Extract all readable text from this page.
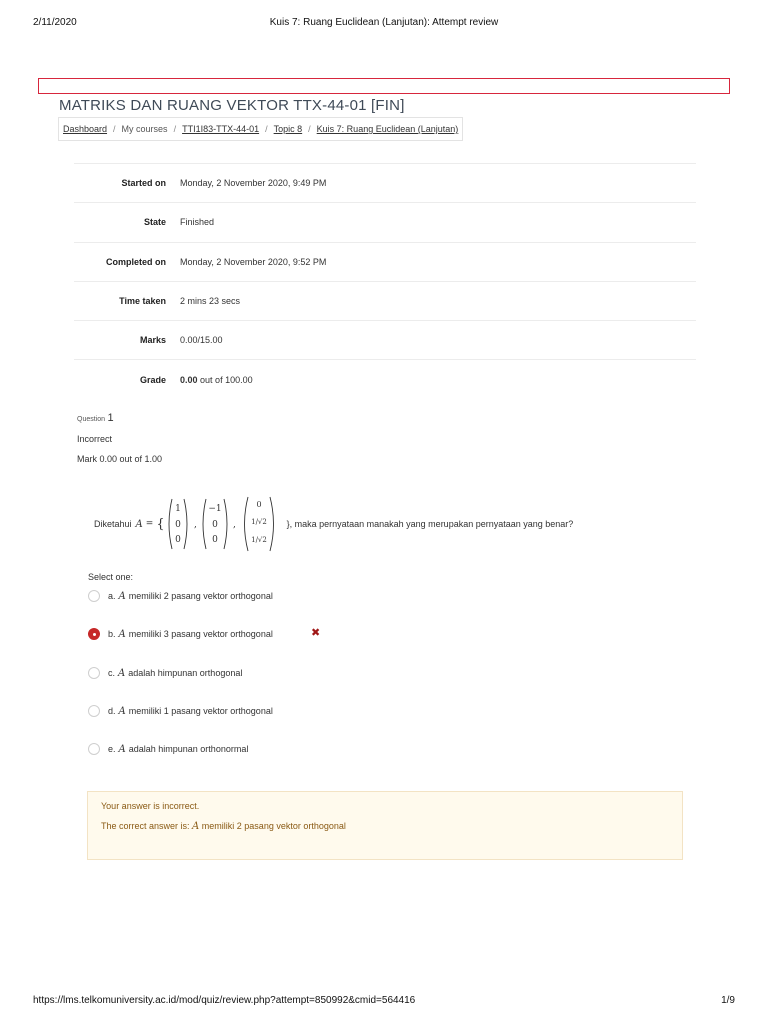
2/11/2020	Kuis 7: Ruang Euclidean (Lanjutan): Attempt review
MATRIKS DAN RUANG VEKTOR TTX-44-01 [FIN]
Dashboard / My courses / TTI1I83-TTX-44-01 / Topic 8 / Kuis 7: Ruang Euclidean (Lanjutan)
Started on Monday, 2 November 2020, 9:49 PM
State Finished
Completed on Monday, 2 November 2020, 9:52 PM
Time taken 2 mins 23 secs
Marks 0.00/15.00
Grade 0.00 out of 100.00
Question 1
Incorrect
Mark 0.00 out of 1.00
Diketahui A = {
1
0
0
,
−1
0
0
,
0
1/√2
1/√2
}, maka pernyataan manakah yang merupakan pernyataan yang benar?
Select one:
a. A memiliki 2 pasang vektor orthogonal
b. A memiliki 3 pasang vektor orthogonal	✖
c. A adalah himpunan orthogonal
d. A memiliki 1 pasang vektor orthogonal
e. A adalah himpunan orthonormal
Your answer is incorrect.
The correct answer is: A memiliki 2 pasang vektor orthogonal
https://lms.telkomuniversity.ac.id/mod/quiz/review.php?attempt=850992&cmid=564416	1/9
